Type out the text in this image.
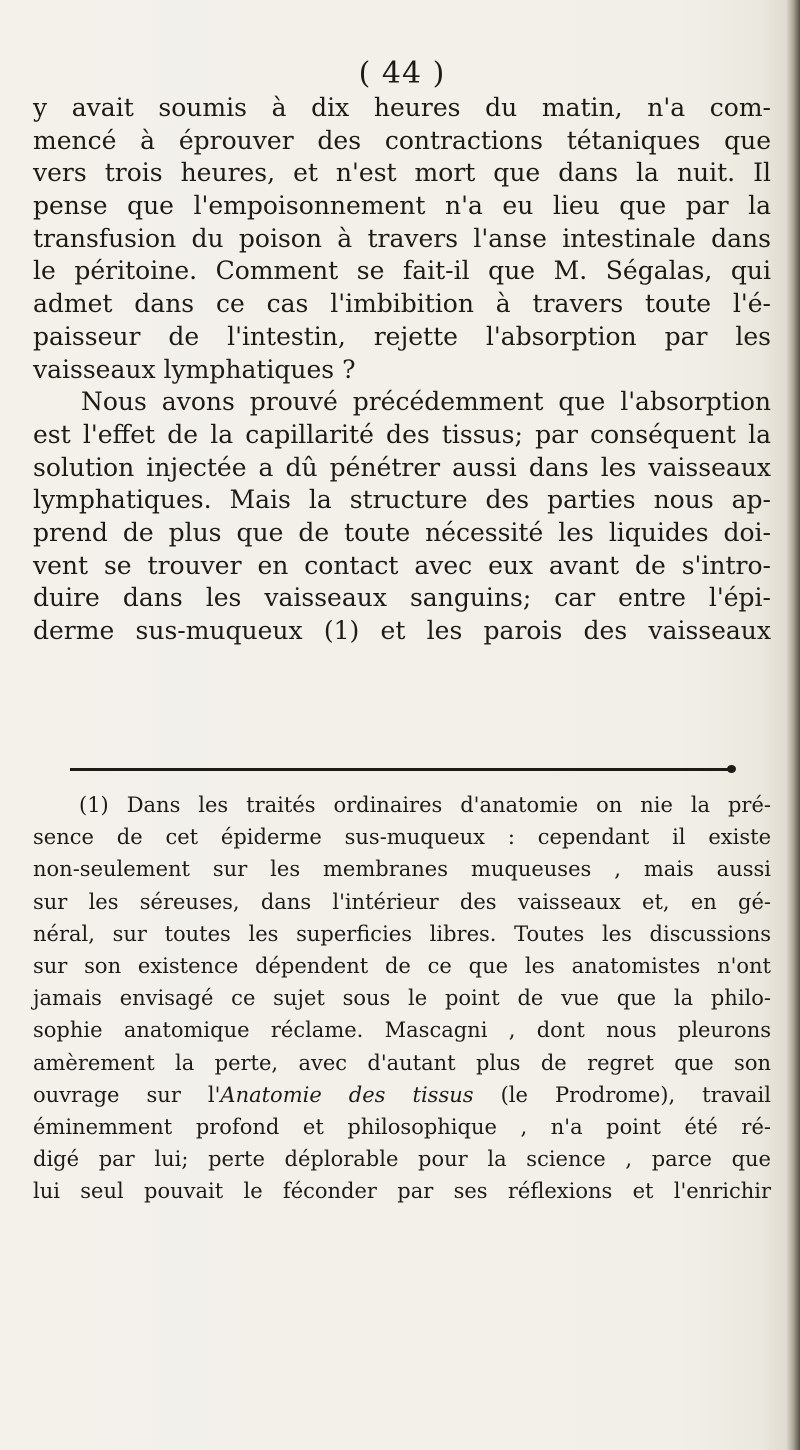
( 44 )
y avait soumis à dix heures du matin, n'a com-
mencé à éprouver des contractions tétaniques que
vers trois heures, et n'est mort que dans la nuit. Il
pense que l'empoisonnement n'a eu lieu que par la
transfusion du poison à travers l'anse intestinale dans
le péritoine. Comment se fait-il que M. Ségalas, qui
admet dans ce cas l'imbibition à travers toute l'é-
paisseur de l'intestin, rejette l'absorption par les
vaisseaux lymphatiques ?
Nous avons prouvé précédemment que l'absorption
est l'effet de la capillarité des tissus; par conséquent la
solution injectée a dû pénétrer aussi dans les vaisseaux
lymphatiques. Mais la structure des parties nous ap-
prend de plus que de toute nécessité les liquides doi-
vent se trouver en contact avec eux avant de s'intro-
duire dans les vaisseaux sanguins; car entre l'épi-
derme sus-muqueux (1) et les parois des vaisseaux
(1) Dans les traités ordinaires d'anatomie on nie la pré-
sence de cet épiderme sus-muqueux : cependant il existe
non-seulement sur les membranes muqueuses , mais aussi
sur les séreuses, dans l'intérieur des vaisseaux et, en gé-
néral, sur toutes les superficies libres. Toutes les discussions
sur son existence dépendent de ce que les anatomistes n'ont
jamais envisagé ce sujet sous le point de vue que la philo-
sophie anatomique réclame. Mascagni , dont nous pleurons
amèrement la perte, avec d'autant plus de regret que son
ouvrage sur l'Anatomie des tissus (le Prodrome), travail
éminemment profond et philosophique , n'a point été ré-
digé par lui; perte déplorable pour la science , parce que
lui seul pouvait le féconder par ses réflexions et l'enrichir
